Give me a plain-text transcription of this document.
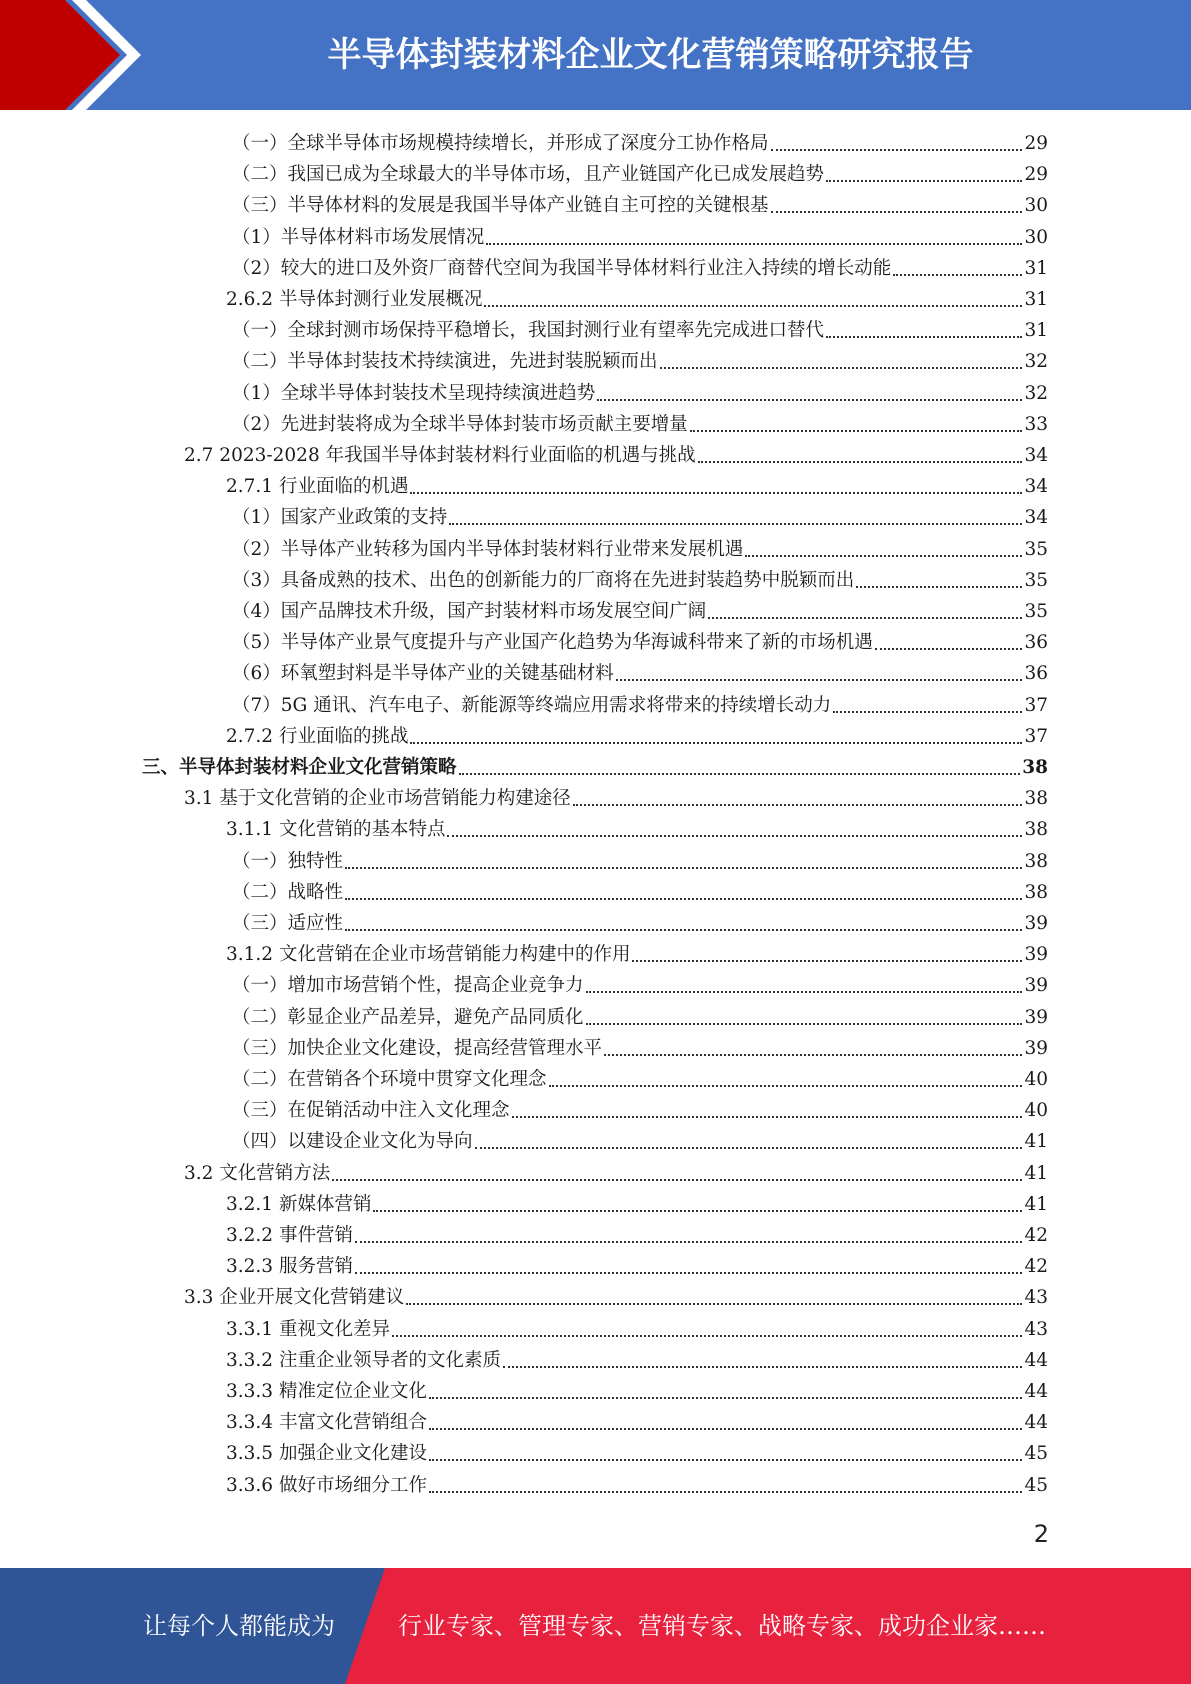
半导体封装材料企业文化营销策略研究报告
（一）全球半导体市场规模持续增长，并形成了深度分工协作格局	29
（二）我国已成为全球最大的半导体市场，且产业链国产化已成发展趋势	29
（三）半导体材料的发展是我国半导体产业链自主可控的关键根基	30
（1）半导体材料市场发展情况	30
（2）较大的进口及外资厂商替代空间为我国半导体材料行业注入持续的增长动能	31
2.6.2 半导体封测行业发展概况	31
（一）全球封测市场保持平稳增长，我国封测行业有望率先完成进口替代	31
（二）半导体封装技术持续演进，先进封装脱颖而出	32
（1）全球半导体封装技术呈现持续演进趋势	32
（2）先进封装将成为全球半导体封装市场贡献主要增量	33
2.7 2023-2028 年我国半导体封装材料行业面临的机遇与挑战	34
2.7.1 行业面临的机遇	34
（1）国家产业政策的支持	34
（2）半导体产业转移为国内半导体封装材料行业带来发展机遇	35
（3）具备成熟的技术、出色的创新能力的厂商将在先进封装趋势中脱颖而出	35
（4）国产品牌技术升级，国产封装材料市场发展空间广阔	35
（5）半导体产业景气度提升与产业国产化趋势为华海诚科带来了新的市场机遇	36
（6）环氧塑封料是半导体产业的关键基础材料	36
（7）5G 通讯、汽车电子、新能源等终端应用需求将带来的持续增长动力	37
2.7.2 行业面临的挑战	37
三、半导体封装材料企业文化营销策略	38
3.1 基于文化营销的企业市场营销能力构建途径	38
3.1.1 文化营销的基本特点	38
（一）独特性	38
（二）战略性	38
（三）适应性	39
3.1.2 文化营销在企业市场营销能力构建中的作用	39
（一）增加市场营销个性，提高企业竞争力	39
（二）彰显企业产品差异，避免产品同质化	39
（三）加快企业文化建设，提高经营管理水平	39
（二）在营销各个环境中贯穿文化理念	40
（三）在促销活动中注入文化理念	40
（四）以建设企业文化为导向	41
3.2 文化营销方法	41
3.2.1 新媒体营销	41
3.2.2 事件营销	42
3.2.3 服务营销	42
3.3 企业开展文化营销建议	43
3.3.1 重视文化差异	43
3.3.2 注重企业领导者的文化素质	44
3.3.3 精准定位企业文化	44
3.3.4 丰富文化营销组合	44
3.3.5 加强企业文化建设	45
3.3.6 做好市场细分工作	45
2
让每个人都能成为	行业专家、管理专家、营销专家、战略专家、成功企业家……
